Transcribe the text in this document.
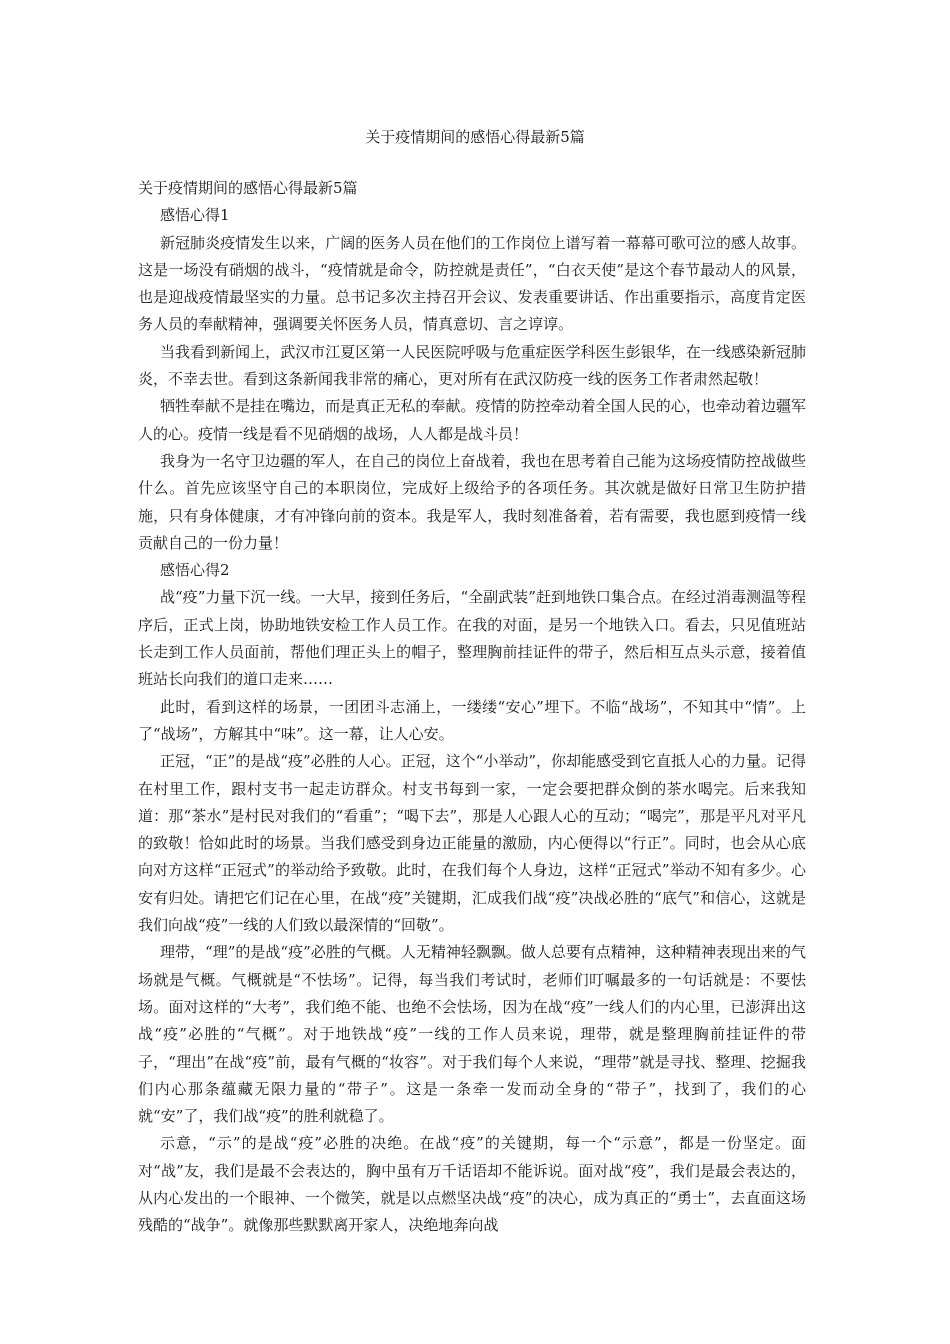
关于疫情期间的感悟心得最新5篇

关于疫情期间的感悟心得最新5篇

感悟心得1

新冠肺炎疫情发生以来，广阔的医务人员在他们的工作岗位上谱写着一幕幕可歌可泣的感人故事。这是一场没有硝烟的战斗，“疫情就是命令，防控就是责任”，“白衣天使”是这个春节最动人的风景，也是迎战疫情最坚实的力量。总书记多次主持召开会议、发表重要讲话、作出重要指示，高度肯定医务人员的奉献精神，强调要关怀医务人员，情真意切、言之谆谆。

当我看到新闻上，武汉市江夏区第一人民医院呼吸与危重症医学科医生彭银华，在一线感染新冠肺炎，不幸去世。看到这条新闻我非常的痛心，更对所有在武汉防疫一线的医务工作者肃然起敬！

牺牲奉献不是挂在嘴边，而是真正无私的奉献。疫情的防控牵动着全国人民的心，也牵动着边疆军人的心。疫情一线是看不见硝烟的战场，人人都是战斗员！

我身为一名守卫边疆的军人，在自己的岗位上奋战着，我也在思考着自己能为这场疫情防控战做些什么。首先应该坚守自己的本职岗位，完成好上级给予的各项任务。其次就是做好日常卫生防护措施，只有身体健康，才有冲锋向前的资本。我是军人，我时刻准备着，若有需要，我也愿到疫情一线贡献自己的一份力量！

感悟心得2

战“疫”力量下沉一线。一大早，接到任务后，“全副武装”赶到地铁口集合点。在经过消毒测温等程序后，正式上岗，协助地铁安检工作人员工作。在我的对面，是另一个地铁入口。看去，只见值班站长走到工作人员面前，帮他们理正头上的帽子，整理胸前挂证件的带子，然后相互点头示意，接着值班站长向我们的道口走来……

此时，看到这样的场景，一团团斗志涌上，一缕缕“安心”埋下。不临“战场”，不知其中“情”。上了“战场”，方解其中“味”。这一幕，让人心安。

正冠，“正”的是战“疫”必胜的人心。正冠，这个“小举动”，你却能感受到它直抵人心的力量。记得在村里工作，跟村支书一起走访群众。村支书每到一家，一定会要把群众倒的茶水喝完。后来我知道：那“茶水”是村民对我们的“看重”；“喝下去”，那是人心跟人心的互动；“喝完”，那是平凡对平凡的致敬！恰如此时的场景。当我们感受到身边正能量的激励，内心便得以“行正”。同时，也会从心底向对方这样“正冠式”的举动给予致敬。此时，在我们每个人身边，这样“正冠式”举动不知有多少。心安有归处。请把它们记在心里，在战“疫”关键期，汇成我们战“疫”决战必胜的“底气”和信心，这就是我们向战“疫”一线的人们致以最深情的“回敬”。

理带，“理”的是战“疫”必胜的气概。人无精神轻飘飘。做人总要有点精神，这种精神表现出来的气场就是气概。气概就是“不怯场”。记得，每当我们考试时，老师们叮嘱最多的一句话就是：不要怯场。面对这样的“大考”，我们绝不能、也绝不会怯场，因为在战“疫”一线人们的内心里，已澎湃出这战“疫”必胜的“气概”。对于地铁战“疫”一线的工作人员来说，理带，就是整理胸前挂证件的带子，“理出”在战“疫”前，最有气概的“妆容”。对于我们每个人来说，“理带”就是寻找、整理、挖掘我们内心那条蕴藏无限力量的“带子”。这是一条牵一发而动全身的“带子”，找到了，我们的心就“安”了，我们战“疫”的胜利就稳了。

示意，“示”的是战“疫”必胜的决绝。在战“疫”的关键期，每一个“示意”，都是一份坚定。面对“战”友，我们是最不会表达的，胸中虽有万千话语却不能诉说。面对战“疫”，我们是最会表达的，从内心发出的一个眼神、一个微笑，就是以点燃坚决战“疫”的决心，成为真正的“勇士”，去直面这场残酷的“战争”。就像那些默默离开家人，决绝地奔向战
